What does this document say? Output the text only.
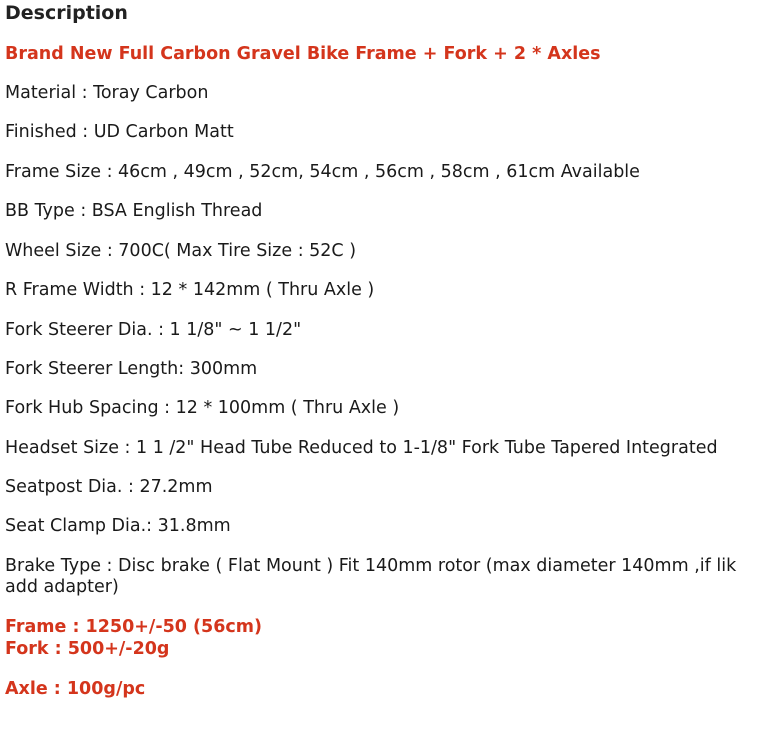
Description
Brand New Full Carbon Gravel Bike Frame + Fork + 2 * Axles
Material : Toray Carbon
Finished : UD Carbon Matt
Frame Size : 46cm , 49cm , 52cm, 54cm , 56cm , 58cm , 61cm Available
BB Type : BSA English Thread
Wheel Size : 700C( Max Tire Size : 52C )
R Frame Width : 12 * 142mm ( Thru Axle )
Fork Steerer Dia. : 1 1/8" ~ 1 1/2"
Fork Steerer Length: 300mm
Fork Hub Spacing : 12 * 100mm ( Thru Axle )
Headset Size : 1 1 /2" Head Tube Reduced to 1-1/8" Fork Tube Tapered Integrated
Seatpost Dia. : 27.2mm
Seat Clamp Dia.: 31.8mm
Brake Type : Disc brake ( Flat Mount ) Fit 140mm rotor (max diameter 140mm ,if lik
add adapter)
Frame : 1250+/-50 (56cm)
Fork : 500+/-20g
Axle : 100g/pc
